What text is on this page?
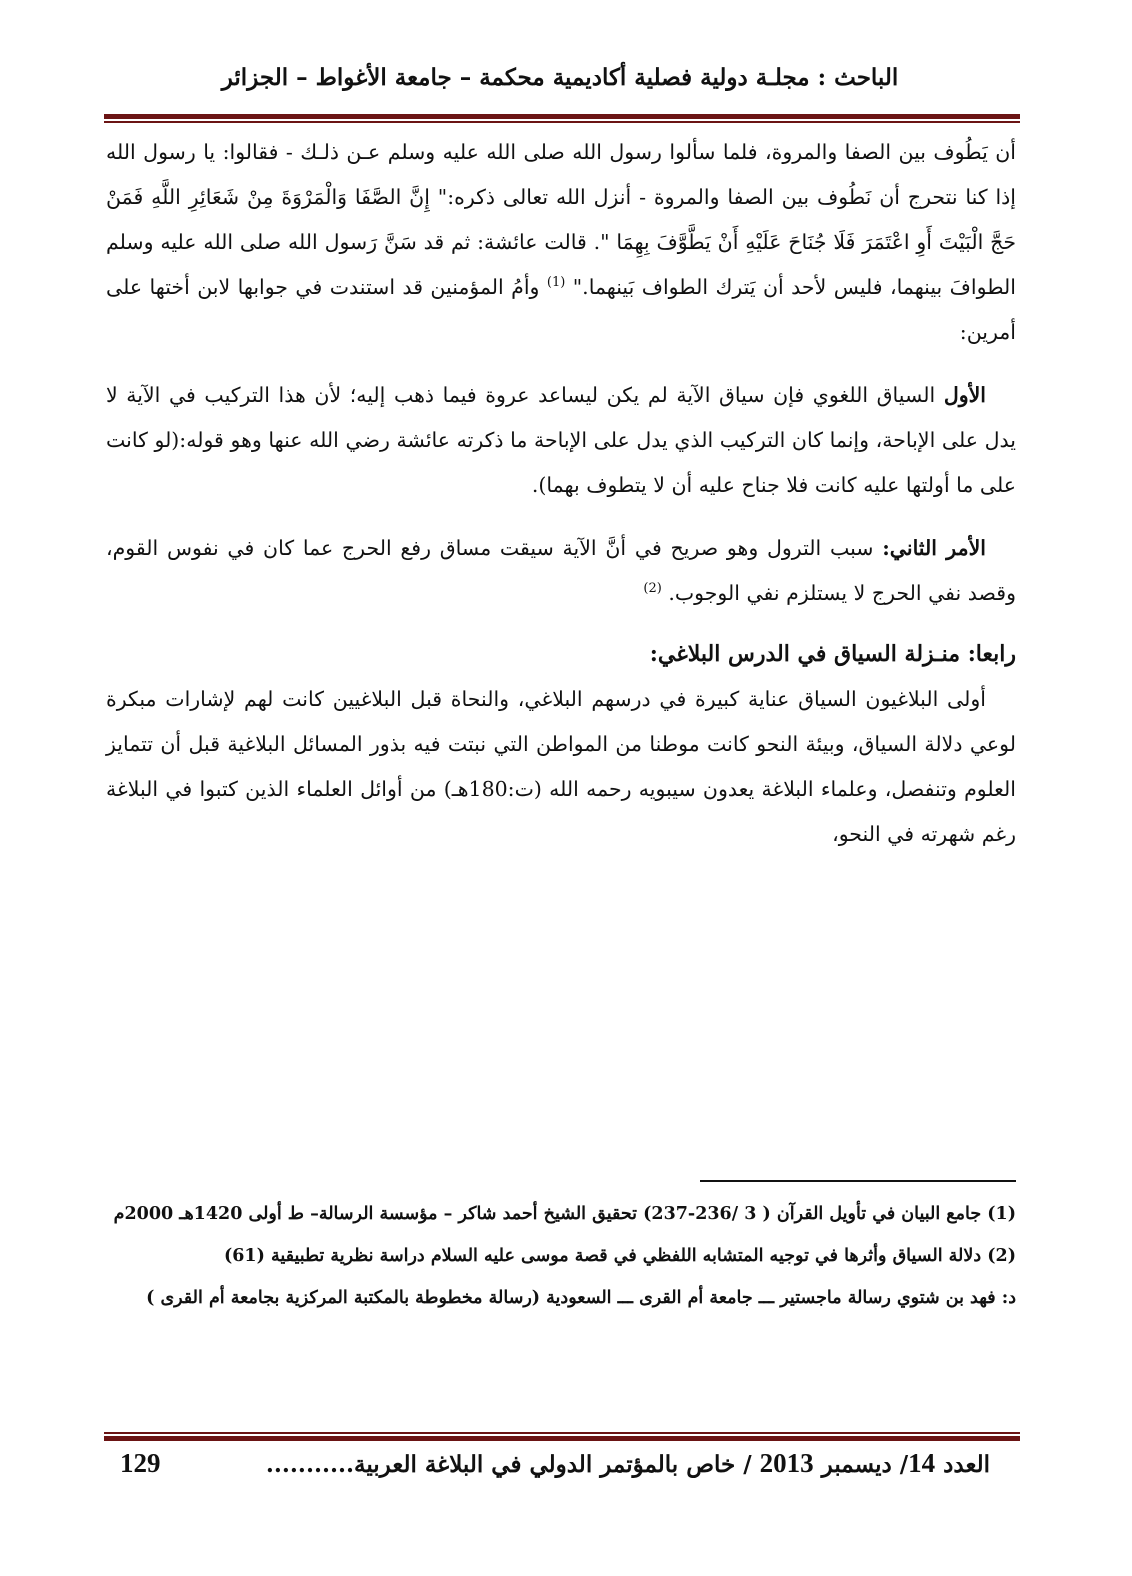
الباحث : مجلـة دولية فصلية أكاديمية محكمة – جامعة الأغواط – الجزائر

أن يَطُوف بين الصفا والمروة، فلما سألوا رسول الله صلى الله عليه وسلم عـن ذلـك - فقالوا: يا رسول الله إذا كنا نتحرج أن نَطُوف بين الصفا والمروة - أنزل الله تعالى ذكره:" إِنَّ الصَّفَا وَالْمَرْوَةَ مِنْ شَعَائِرِ اللَّهِ فَمَنْ حَجَّ الْبَيْتَ أَوِ اعْتَمَرَ فَلَا جُنَاحَ عَلَيْهِ أَنْ يَطَّوَّفَ بِهِمَا ". قالت عائشة: ثم قد سَنَّ رَسول الله صلى الله عليه وسلم الطوافَ بينهما، فليس لأحد أن يَترك الطواف بَينهما." $^{(1)}$ وأمُ المؤمنين قد استندت في جوابها لابن أختها على أمرين:

الأول السياق اللغوي فإن سياق الآية لم يكن ليساعد عروة فيما ذهب إليه؛ لأن هذا التركيب في الآية لا يدل على الإباحة، وإنما كان التركيب الذي يدل على الإباحة ما ذكرته عائشة رضي الله عنها وهو قوله:(لو كانت على ما أولتها عليه كانت فلا جناح عليه أن لا يتطوف بهما).

الأمر الثاني: سبب الترول وهو صريح في أنَّ الآية سيقت مساق رفع الحرج عما كان في نفوس القوم، وقصد نفي الحرج لا يستلزم نفي الوجوب. $^{(2)}$

رابعا: منـزلة السياق في الدرس البلاغي:

أولى البلاغيون السياق عناية كبيرة في درسهم البلاغي، والنحاة قبل البلاغيين كانت لهم لإشارات مبكرة لوعي دلالة السياق، وبيئة النحو كانت موطنا من المواطن التي نبتت فيه بذور المسائل البلاغية قبل أن تتمايز العلوم وتنفصل، وعلماء البلاغة يعدون سيبويه رحمه الله (ت:180هـ) من أوائل العلماء الذين كتبوا في البلاغة رغم شهرته في النحو،

(1) جامع البيان في تأويل القرآن ( 3 /236-237) تحقيق الشيخ أحمد شاكر – مؤسسة الرسالة– ط أولى 1420هـ 2000م

(2) دلالة السياق وأثرها في توجيه المتشابه اللفظي في قصة موسى عليه السلام دراسة نظرية تطبيقية (61)

د: فهد بن شتوي رسالة ماجستير ـــ جامعة أم القرى ـــ السعودية (رسالة مخطوطة بالمكتبة المركزية بجامعة أم القرى )

العدد 14/ ديسمبر 2013 / خاص بالمؤتمر الدولي في البلاغة العربية...........
129
